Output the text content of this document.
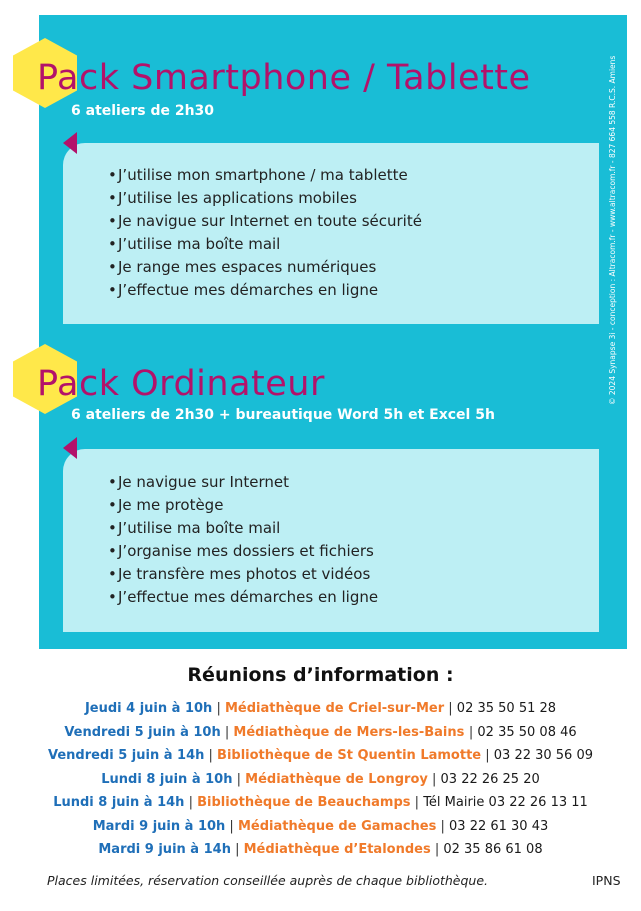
Pack Smartphone / Tablette
6 ateliers de 2h30
•J’utilise mon smartphone / ma tablette
•J’utilise les applications mobiles
•Je navigue sur Internet en toute sécurité
•J’utilise ma boîte mail
•Je range mes espaces numériques
•J’effectue mes démarches en ligne
Pack Ordinateur
6 ateliers de 2h30 + bureautique Word 5h et Excel 5h
•Je navigue sur Internet
•Je me protège
•J’utilise ma boîte mail
•J’organise mes dossiers et fichiers
•Je transfère mes photos et vidéos
•J’effectue mes démarches en ligne
© 2024 Synapse 3i - conception : Altracom.fr - www.altracom.fr - 827 664 558 R.C.S. Amiens
Réunions d’information :
Jeudi 4 juin à 10h | Médiathèque de Criel-sur-Mer | 02 35 50 51 28
Vendredi 5 juin à 10h | Médiathèque de Mers-les-Bains | 02 35 50 08 46
Vendredi 5 juin à 14h | Bibliothèque de St Quentin Lamotte | 03 22 30 56 09
Lundi 8 juin à 10h | Médiathèque de Longroy | 03 22 26 25 20
Lundi 8 juin à 14h | Bibliothèque de Beauchamps | Tél Mairie 03 22 26 13 11
Mardi 9 juin à 10h | Médiathèque de Gamaches | 03 22 61 30 43
Mardi 9 juin à 14h | Médiathèque d’Etalondes | 02 35 86 61 08
Places limitées, réservation conseillée auprès de chaque bibliothèque.	IPNS
